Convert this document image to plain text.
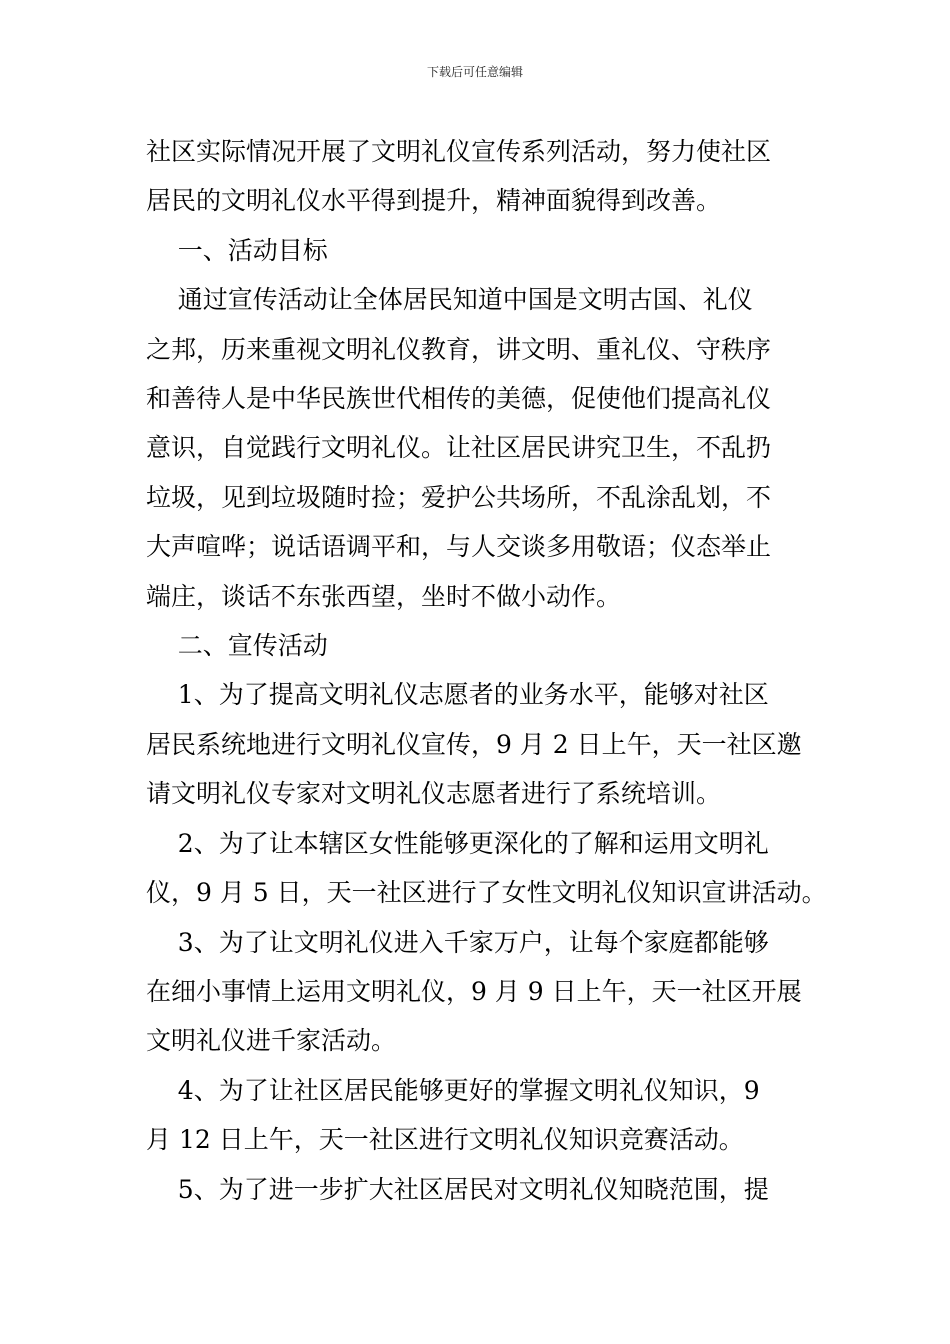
下载后可任意编辑

社区实际情况开展了文明礼仪宣传系列活动，努力使社区

居民的文明礼仪水平得到提升，精神面貌得到改善。

一、活动目标

通过宣传活动让全体居民知道中国是文明古国、礼仪

之邦，历来重视文明礼仪教育，讲文明、重礼仪、守秩序

和善待人是中华民族世代相传的美德，促使他们提高礼仪

意识，自觉践行文明礼仪。让社区居民讲究卫生，不乱扔

垃圾，见到垃圾随时捡；爱护公共场所，不乱涂乱划，不

大声喧哗；说话语调平和，与人交谈多用敬语；仪态举止

端庄，谈话不东张西望，坐时不做小动作。

二、宣传活动

1、为了提高文明礼仪志愿者的业务水平，能够对社区

居民系统地进行文明礼仪宣传，9 月 2 日上午，天一社区邀

请文明礼仪专家对文明礼仪志愿者进行了系统培训。

2、为了让本辖区女性能够更深化的了解和运用文明礼

仪，9 月 5 日，天一社区进行了女性文明礼仪知识宣讲活动。

3、为了让文明礼仪进入千家万户，让每个家庭都能够

在细小事情上运用文明礼仪，9 月 9 日上午，天一社区开展

文明礼仪进千家活动。

4、为了让社区居民能够更好的掌握文明礼仪知识，9

月 12 日上午，天一社区进行文明礼仪知识竞赛活动。

5、为了进一步扩大社区居民对文明礼仪知晓范围，提
